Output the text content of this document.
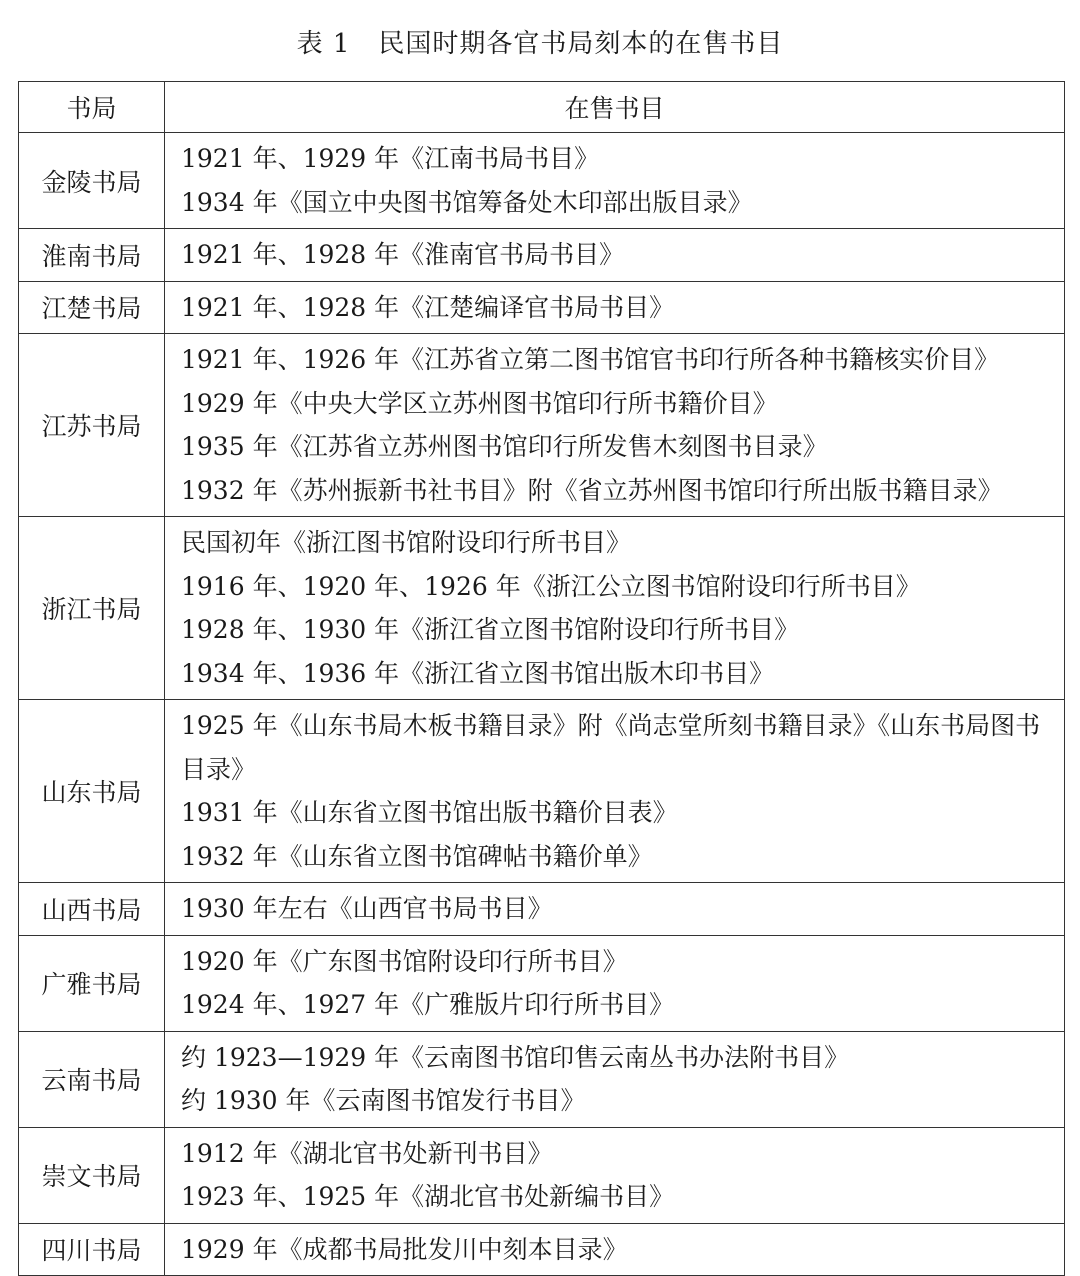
表 1 民国时期各官书局刻本的在售书目
书局	在售书目
金陵书局	1921 年、1929 年《江南书局书目》
1934 年《国立中央图书馆筹备处木印部出版目录》

淮南书局	1921 年、1928 年《淮南官书局书目》

江楚书局	1921 年、1928 年《江楚编译官书局书目》

江苏书局	1921 年、1926 年《江苏省立第二图书馆官书印行所各种书籍核实价目》
1929 年《中央大学区立苏州图书馆印行所书籍价目》
1935 年《江苏省立苏州图书馆印行所发售木刻图书目录》
1932 年《苏州振新书社书目》附《省立苏州图书馆印行所出版书籍目录》

浙江书局	民国初年《浙江图书馆附设印行所书目》
1916 年、1920 年、1926 年《浙江公立图书馆附设印行所书目》
1928 年、1930 年《浙江省立图书馆附设印行所书目》
1934 年、1936 年《浙江省立图书馆出版木印书目》

山东书局	1925 年《山东书局木板书籍目录》附《尚志堂所刻书籍目录》《山东书局图书目录》
1931 年《山东省立图书馆出版书籍价目表》
1932 年《山东省立图书馆碑帖书籍价单》

山西书局	1930 年左右《山西官书局书目》

广雅书局	1920 年《广东图书馆附设印行所书目》
1924 年、1927 年《广雅版片印行所书目》

云南书局	约 1923—1929 年《云南图书馆印售云南丛书办法附书目》
约 1930 年《云南图书馆发行书目》

崇文书局	1912 年《湖北官书处新刊书目》
1923 年、1925 年《湖北官书处新编书目》

四川书局	1929 年《成都书局批发川中刻本目录》
